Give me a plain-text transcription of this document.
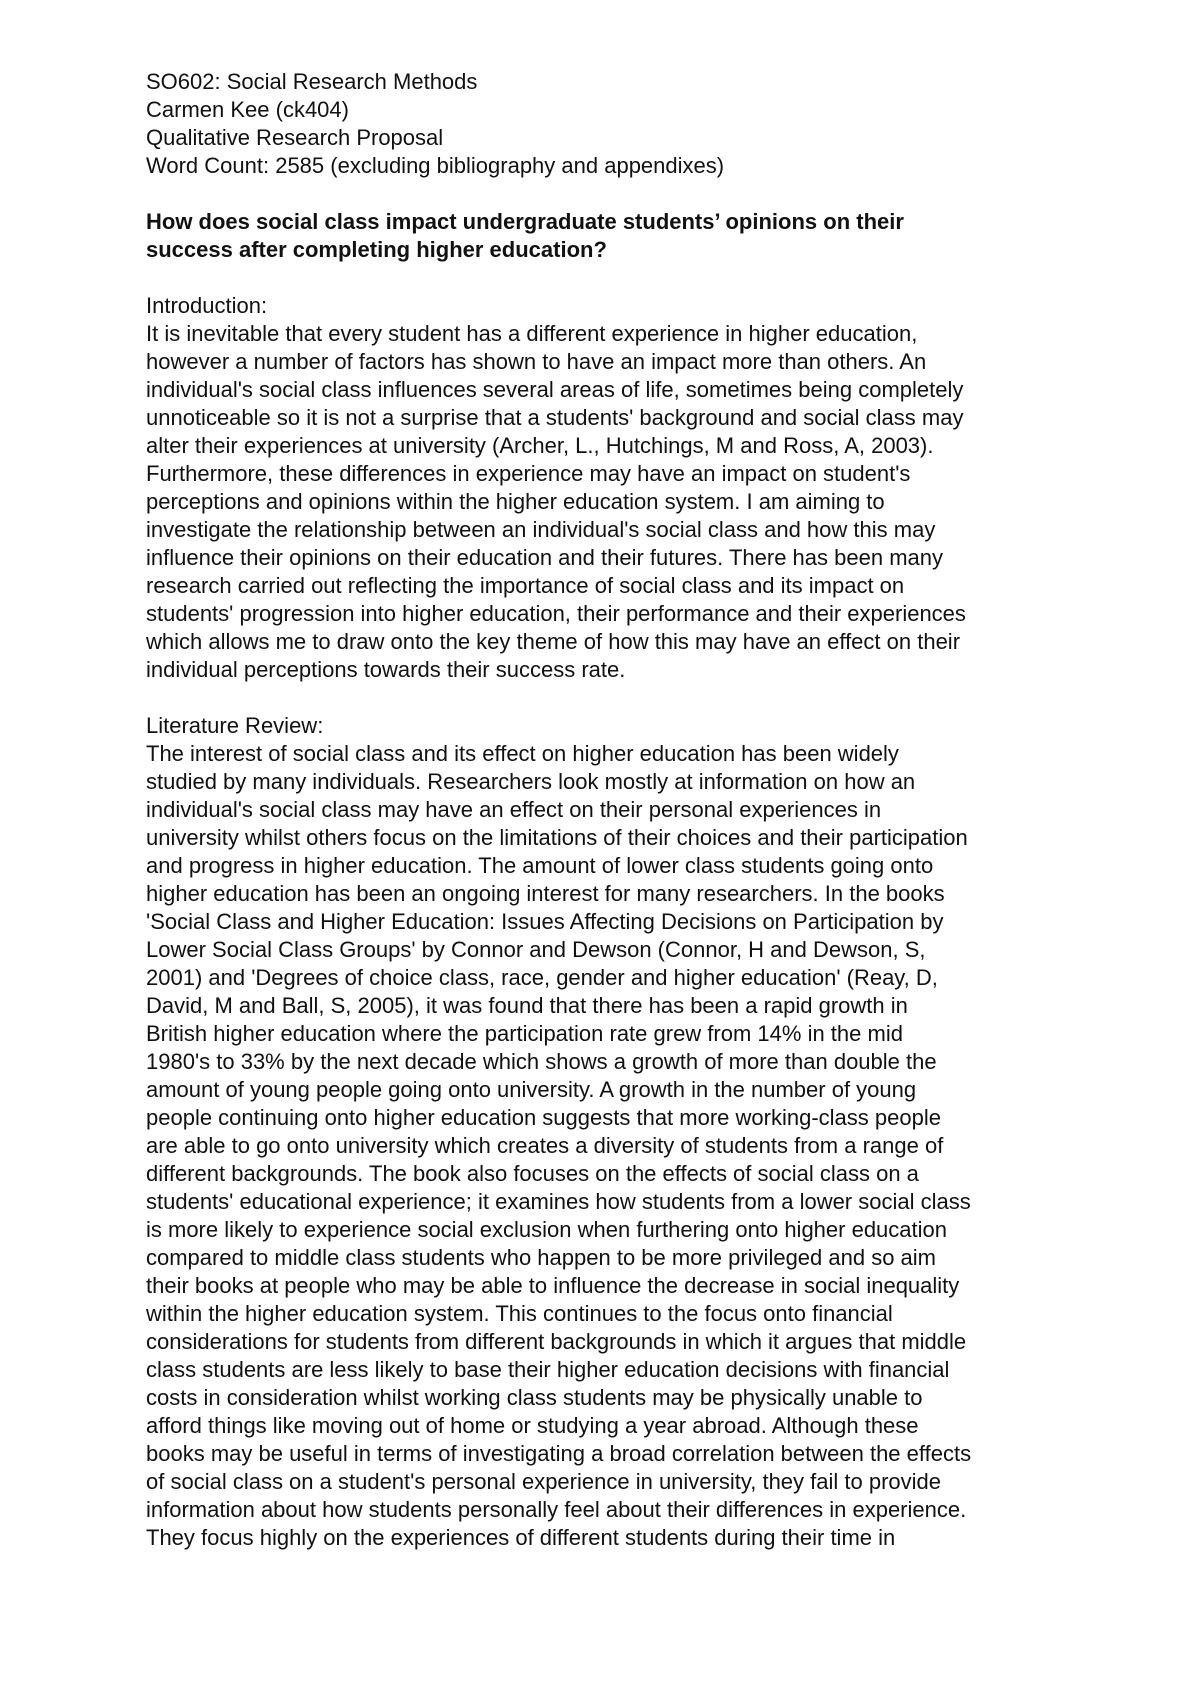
SO602: Social Research Methods
Carmen Kee (ck404)
Qualitative Research Proposal
Word Count: 2585 (excluding bibliography and appendixes)
How does social class impact undergraduate students’ opinions on their
success after completing higher education?
Introduction:
It is inevitable that every student has a different experience in higher education,
however a number of factors has shown to have an impact more than others. An
individual's social class influences several areas of life, sometimes being completely
unnoticeable so it is not a surprise that a students' background and social class may
alter their experiences at university (Archer, L., Hutchings, M and Ross, A, 2003).
Furthermore, these differences in experience may have an impact on student's
perceptions and opinions within the higher education system. I am aiming to
investigate the relationship between an individual's social class and how this may
influence their opinions on their education and their futures. There has been many
research carried out reflecting the importance of social class and its impact on
students' progression into higher education, their performance and their experiences
which allows me to draw onto the key theme of how this may have an effect on their
individual perceptions towards their success rate.
Literature Review:
The interest of social class and its effect on higher education has been widely
studied by many individuals. Researchers look mostly at information on how an
individual's social class may have an effect on their personal experiences in
university whilst others focus on the limitations of their choices and their participation
and progress in higher education. The amount of lower class students going onto
higher education has been an ongoing interest for many researchers. In the books
'Social Class and Higher Education: Issues Affecting Decisions on Participation by
Lower Social Class Groups' by Connor and Dewson (Connor, H and Dewson, S,
2001) and 'Degrees of choice class, race, gender and higher education' (Reay, D,
David, M and Ball, S, 2005), it was found that there has been a rapid growth in
British higher education where the participation rate grew from 14% in the mid
1980's to 33% by the next decade which shows a growth of more than double the
amount of young people going onto university. A growth in the number of young
people continuing onto higher education suggests that more working-class people
are able to go onto university which creates a diversity of students from a range of
different backgrounds. The book also focuses on the effects of social class on a
students' educational experience; it examines how students from a lower social class
is more likely to experience social exclusion when furthering onto higher education
compared to middle class students who happen to be more privileged and so aim
their books at people who may be able to influence the decrease in social inequality
within the higher education system. This continues to the focus onto financial
considerations for students from different backgrounds in which it argues that middle
class students are less likely to base their higher education decisions with financial
costs in consideration whilst working class students may be physically unable to
afford things like moving out of home or studying a year abroad. Although these
books may be useful in terms of investigating a broad correlation between the effects
of social class on a student's personal experience in university, they fail to provide
information about how students personally feel about their differences in experience.
They focus highly on the experiences of different students during their time in
